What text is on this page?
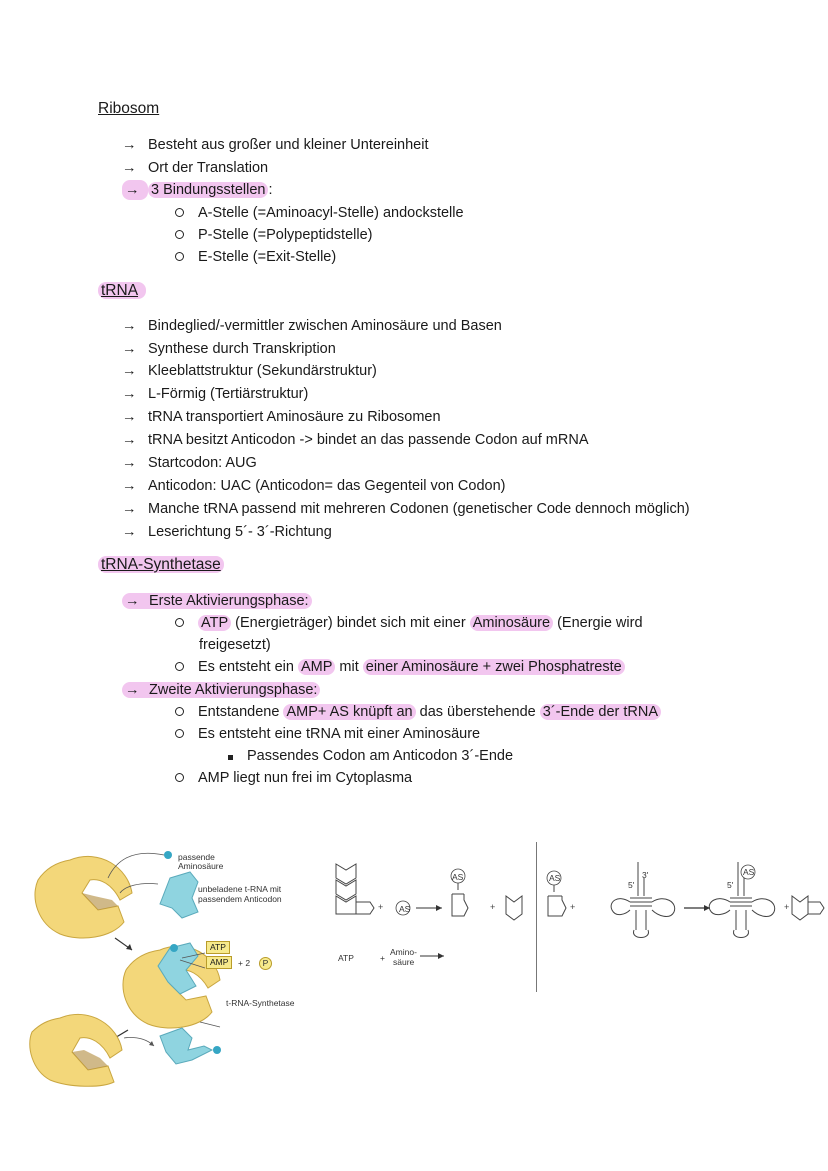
Ribosom
→ Besteht aus großer und kleiner Untereinheit
→ Ort der Translation
→ 3 Bindungsstellen :
A-Stelle (=Aminoacyl-Stelle) andockstelle
P-Stelle (=Polypeptidstelle)
E-Stelle (=Exit-Stelle)
tRNA
→ Bindeglied/-vermittler zwischen Aminosäure und Basen
→ Synthese durch Transkription
→ Kleeblattstruktur (Sekundärstruktur)
→ L-Förmig (Tertiärstruktur)
→ tRNA transportiert Aminosäure zu Ribosomen
→ tRNA besitzt Anticodon -> bindet an das passende Codon auf mRNA
→ Startcodon: AUG
→ Anticodon: UAC (Anticodon= das Gegenteil von Codon)
→ Manche tRNA passend mit mehreren Codonen (genetischer Code dennoch möglich)
→ Leserichtung 5´- 3´-Richtung
tRNA-Synthetase
→ Erste Aktivierungsphase:
ATP (Energieträger) bindet sich mit einer Aminosäure (Energie wird
freigesetzt)
Es entsteht ein AMP mit einer Aminosäure + zwei Phosphatreste
→ Zweite Aktivierungsphase:
Entstandene AMP+ AS knüpft an das überstehende 3´-Ende der tRNA
Es entsteht eine tRNA mit einer Aminosäure
Passendes Codon am Anticodon 3´-Ende
AMP liegt nun frei im Cytoplasma
passende
Aminosäure
unbeladene t-RNA mit
passendem Anticodon
ATP
AMP	+ 2	P
t-RNA-Synthetase
+	+
AS
AS
ATP	+
Amino-
säure
+	+
AS
AS
3'
5'	5'
